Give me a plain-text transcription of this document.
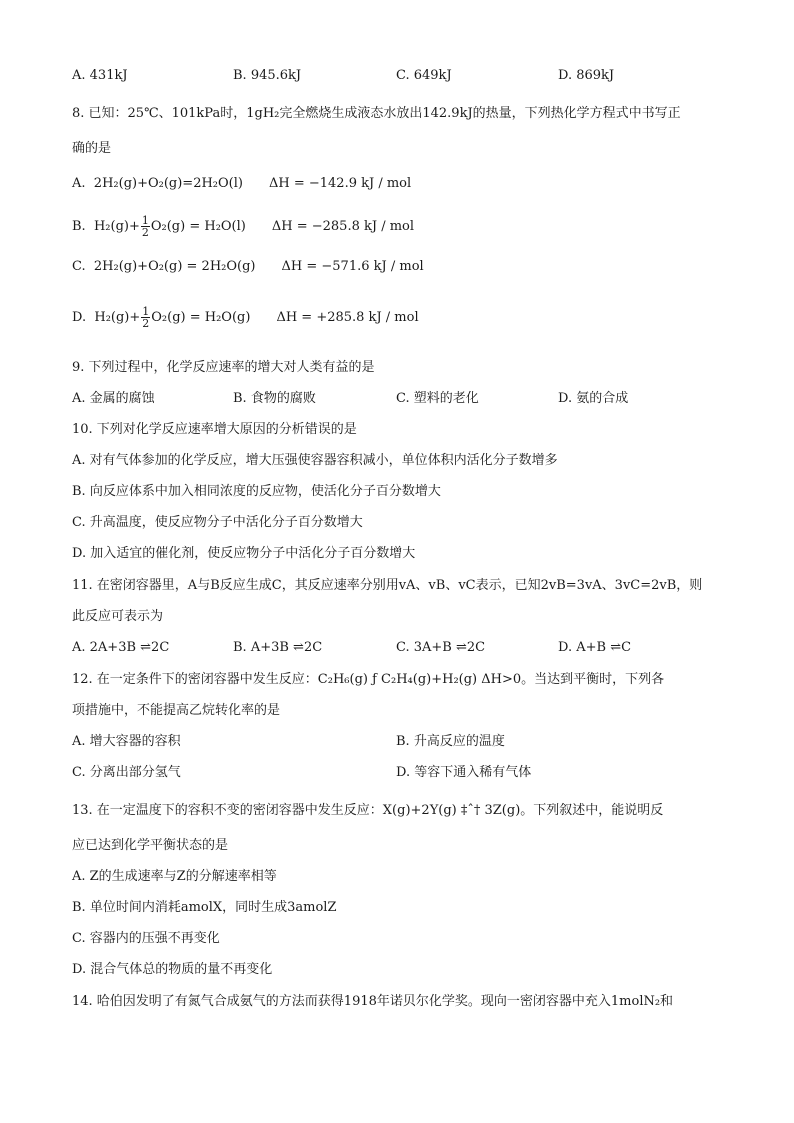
A. 431kJ	B. 945.6kJ	C. 649kJ	D. 869kJ
8. 已知：25℃、101kPa时，1gH₂完全燃烧生成液态水放出142.9kJ的热量，下列热化学方程式中书写正
确的是
A. 2H₂(g)+O₂(g)=2H₂O(l) ΔH = −142.9 kJ / mol
B. $H_2(g)+ \frac{1}{2} O_2(g) = H_2O(l) \Delta H = -285.8$ kJ / mol
C. 2H₂(g)+O₂(g) = 2H₂O(g) ΔH = −571.6 kJ / mol
D. $H_2(g)+ \frac{1}{2} O_2(g) = H_2O(g) \Delta H = +285.8$ kJ / mol
9. 下列过程中，化学反应速率的增大对人类有益的是
A. 金属的腐蚀	B. 食物的腐败	C. 塑料的老化	D. 氨的合成
10. 下列对化学反应速率增大原因的分析错误的是
A. 对有气体参加的化学反应，增大压强使容器容积减小，单位体积内活化分子数增多
B. 向反应体系中加入相同浓度的反应物，使活化分子百分数增大
C. 升高温度，使反应物分子中活化分子百分数增大
D. 加入适宜的催化剂，使反应物分子中活化分子百分数增大
11. 在密闭容器里，A与B反应生成C，其反应速率分别用vA、vB、vC表示，已知2vB=3vA、3vC=2vB，则
此反应可表示为
A. 2A+3B ⇌2C	B. A+3B ⇌2C	C. 3A+B ⇌2C	D. A+B ⇌C
12. 在一定条件下的密闭容器中发生反应：C₂H₆(g) ƒ C₂H₄(g)+H₂(g) ΔH>0。当达到平衡时，下列各
项措施中，不能提高乙烷转化率的是
A. 增大容器的容积	B. 升高反应的温度
C. 分离出部分氢气	D. 等容下通入稀有气体
13. 在一定温度下的容积不变的密闭容器中发生反应：X(g)+2Y(g) ‡ˆ† 3Z(g)。下列叙述中，能说明反
应已达到化学平衡状态的是
A. Z的生成速率与Z的分解速率相等
B. 单位时间内消耗amolX，同时生成3amolZ
C. 容器内的压强不再变化
D. 混合气体总的物质的量不再变化
14. 哈伯因发明了有氮气合成氨气的方法而获得1918年诺贝尔化学奖。现向一密闭容器中充入1molN₂和
